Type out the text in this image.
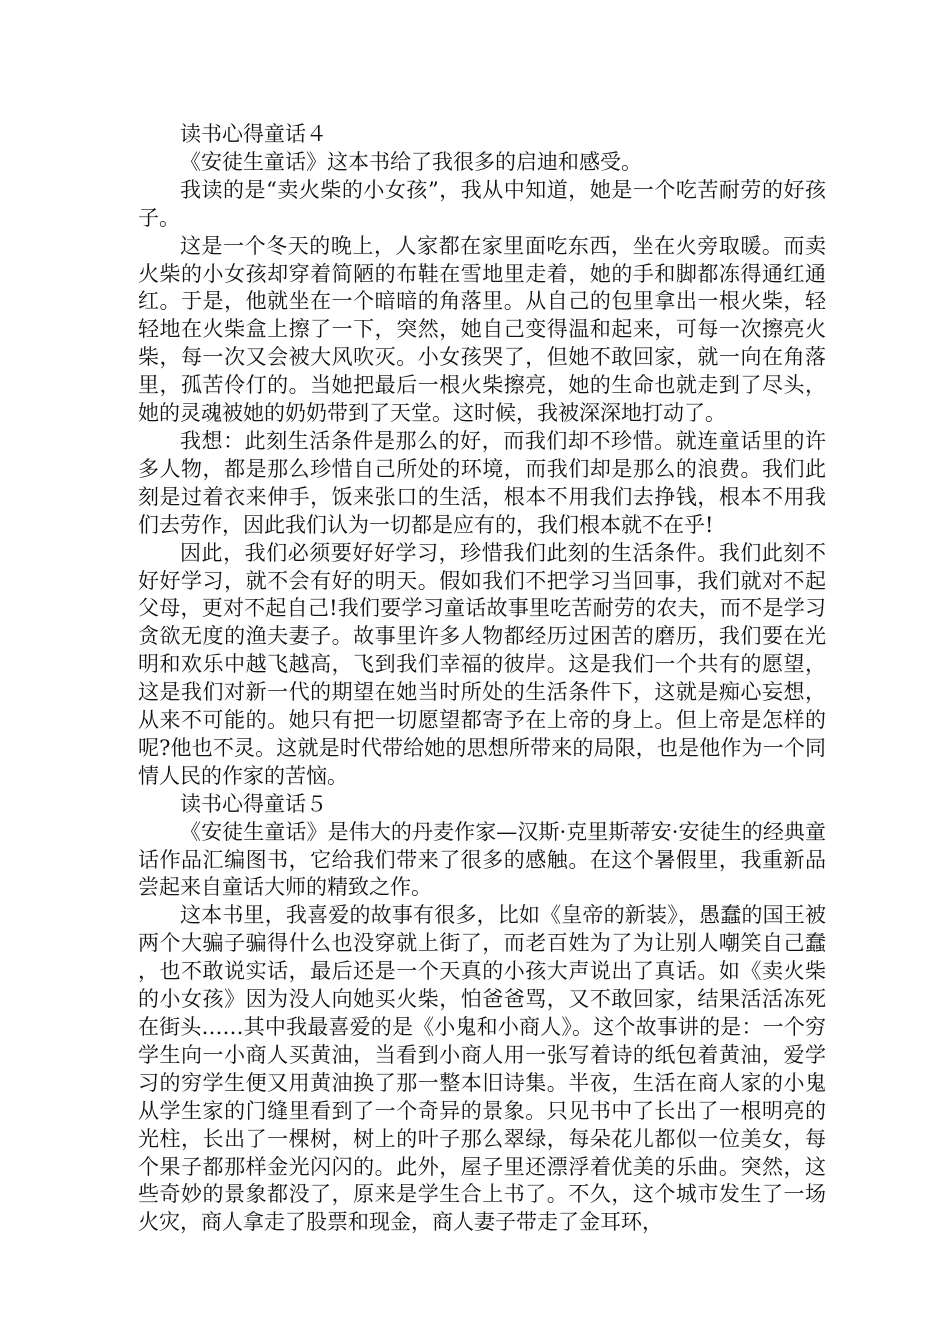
读书心得童话４

《安徒生童话》这本书给了我很多的启迪和感受。

我读的是“卖火柴的小女孩”，我从中知道，她是一个吃苦耐劳的好孩子。

这是一个冬天的晚上，人家都在家里面吃东西，坐在火旁取暖。而卖火柴的小女孩却穿着简陋的布鞋在雪地里走着，她的手和脚都冻得通红通红。于是，他就坐在一个暗暗的角落里。从自己的包里拿出一根火柴，轻轻地在火柴盒上擦了一下，突然，她自己变得温和起来，可每一次擦亮火柴，每一次又会被大风吹灭。小女孩哭了，但她不敢回家，就一向在角落里，孤苦伶仃的。当她把最后一根火柴擦亮，她的生命也就走到了尽头，她的灵魂被她的奶奶带到了天堂。这时候，我被深深地打动了。

我想：此刻生活条件是那么的好，而我们却不珍惜。就连童话里的许多人物，都是那么珍惜自己所处的环境，而我们却是那么的浪费。我们此刻是过着衣来伸手，饭来张口的生活，根本不用我们去挣钱，根本不用我们去劳作，因此我们认为一切都是应有的，我们根本就不在乎!

因此，我们必须要好好学习，珍惜我们此刻的生活条件。我们此刻不好好学习，就不会有好的明天。假如我们不把学习当回事，我们就对不起父母，更对不起自己!我们要学习童话故事里吃苦耐劳的农夫，而不是学习贪欲无度的渔夫妻子。故事里许多人物都经历过困苦的磨历，我们要在光明和欢乐中越飞越高，飞到我们幸福的彼岸。这是我们一个共有的愿望，这是我们对新一代的期望在她当时所处的生活条件下，这就是痴心妄想，从来不可能的。她只有把一切愿望都寄予在上帝的身上。但上帝是怎样的呢?他也不灵。这就是时代带给她的思想所带来的局限，也是他作为一个同情人民的作家的苦恼。

读书心得童话５

《安徒生童话》是伟大的丹麦作家—汉斯·克里斯蒂安·安徒生的经典童话作品汇编图书，它给我们带来了很多的感触。在这个暑假里，我重新品尝起来自童话大师的精致之作。

这本书里，我喜爱的故事有很多，比如《皇帝的新装》，愚蠢的国王被两个大骗子骗得什么也没穿就上街了，而老百姓为了为让别人嘲笑自己蠢，也不敢说实话，最后还是一个天真的小孩大声说出了真话。如《卖火柴的小女孩》因为没人向她买火柴，怕爸爸骂，又不敢回家，结果活活冻死在街头……其中我最喜爱的是《小鬼和小商人》。这个故事讲的是：一个穷学生向一小商人买黄油，当看到小商人用一张写着诗的纸包着黄油，爱学习的穷学生便又用黄油换了那一整本旧诗集。半夜，生活在商人家的小鬼从学生家的门缝里看到了一个奇异的景象。只见书中了长出了一根明亮的光柱，长出了一棵树，树上的叶子那么翠绿，每朵花儿都似一位美女，每个果子都那样金光闪闪的。此外，屋子里还漂浮着优美的乐曲。突然，这些奇妙的景象都没了，原来是学生合上书了。不久，这个城市发生了一场火灾，商人拿走了股票和现金，商人妻子带走了金耳环，
